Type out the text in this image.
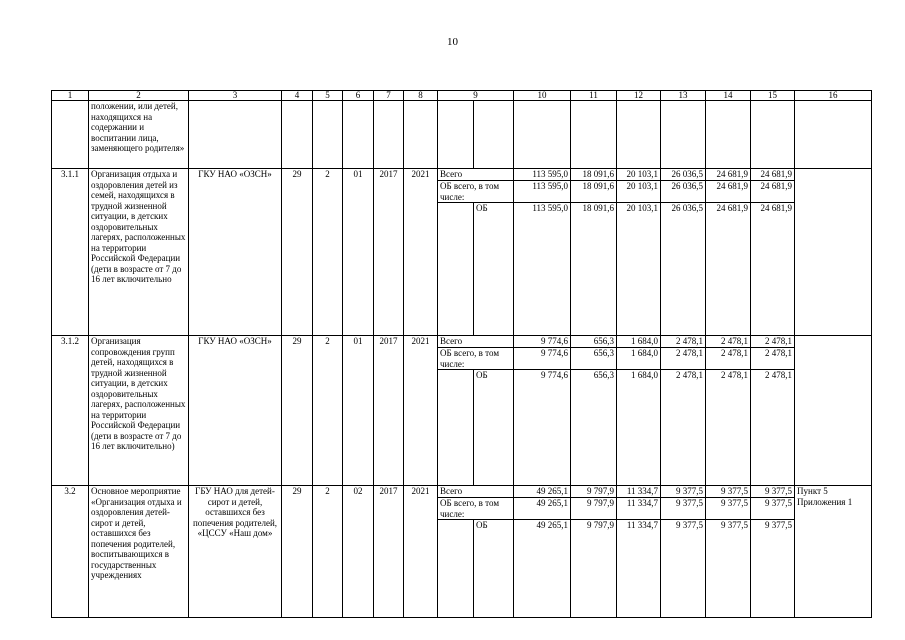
10
1	2	3	4	5	6	7	8	9		10	11	12	13	14	15	16
	положении, или детей, находящихся на содержании и воспитании лица, заменяющего родителя»															
3.1.1	Организация отдыха и оздоровления детей из семей, находящихся в трудной жизненной ситуации, в детских оздоровительных лагерях, расположенных на территории Российской Федерации (дети в возрасте от 7 до 16 лет включительно	ГКУ НАО «ОЗСН»	29	2	01	2017	2021	Всего		113 595,0	18 091,6	20 103,1	26 036,5	24 681,9	24 681,9	
								ОБ всего, в том числе:		113 595,0	18 091,6	20 103,1	26 036,5	24 681,9	24 681,9	
									ОБ	113 595,0	18 091,6	20 103,1	26 036,5	24 681,9	24 681,9	
3.1.2	Организация сопровождения групп детей, находящихся в трудной жизненной ситуации, в детских оздоровительных лагерях, расположенных на территории Российской Федерации (дети в возрасте от 7 до 16 лет включительно)	ГКУ НАО «ОЗСН»	29	2	01	2017	2021	Всего		9 774,6	656,3	1 684,0	2 478,1	2 478,1	2 478,1	
								ОБ всего, в том числе:		9 774,6	656,3	1 684,0	2 478,1	2 478,1	2 478,1	
									ОБ	9 774,6	656,3	1 684,0	2 478,1	2 478,1	2 478,1	
3.2	Основное мероприятие «Организация отдыха и оздоровления детей-сирот и детей, оставшихся без попечения родителей, воспитывающихся в государственных учреждениях	ГБУ НАО для детей-сирот и детей, оставшихся без попечения родителей, «ЦССУ «Наш дом»	29	2	02	2017	2021	Всего		49 265,1	9 797,9	11 334,7	9 377,5	9 377,5	9 377,5	Пункт 5 Приложения 1
								ОБ всего, в том числе:		49 265,1	9 797,9	11 334,7	9 377,5	9 377,5	9 377,5	
									ОБ	49 265,1	9 797,9	11 334,7	9 377,5	9 377,5	9 377,5	
